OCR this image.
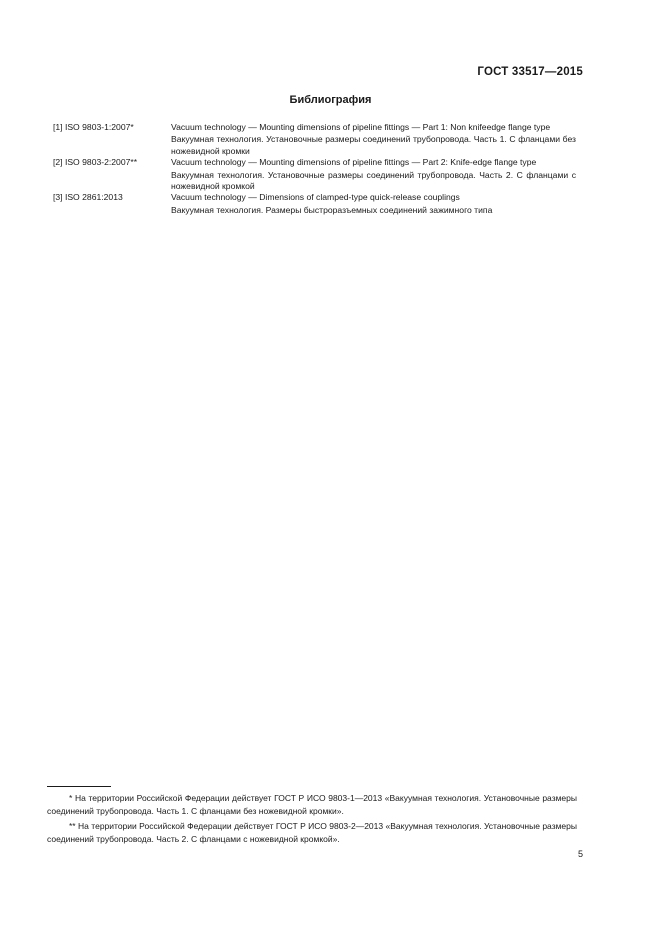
ГОСТ 33517—2015
Библиография
[1] ISO 9803-1:2007*	Vacuum technology — Mounting dimensions of pipeline fittings — Part 1: Non knifeedge flange type

Вакуумная технология. Установочные размеры соединений трубопровода. Часть 1. С фланцами без ножевидной кромки

[2] ISO 9803-2:2007**	Vacuum technology — Mounting dimensions of pipeline fittings — Part 2: Knife-edge flange type

Вакуумная технология. Установочные размеры соединений трубопровода. Часть 2. С фланцами с ножевидной кромкой

[3] ISO 2861:2013	Vacuum technology — Dimensions of clamped-type quick-release couplings

Вакуумная технология. Размеры быстроразъемных соединений зажимного типа

* На территории Российской Федерации действует ГОСТ Р ИСО 9803-1—2013 «Вакуумная технология. Установочные размеры соединений трубопровода. Часть 1. С фланцами без ножевидной кромки».

** На территории Российской Федерации действует ГОСТ Р ИСО 9803-2—2013 «Вакуумная технология. Установочные размеры соединений трубопровода. Часть 2. С фланцами с ножевидной кромкой».

5
